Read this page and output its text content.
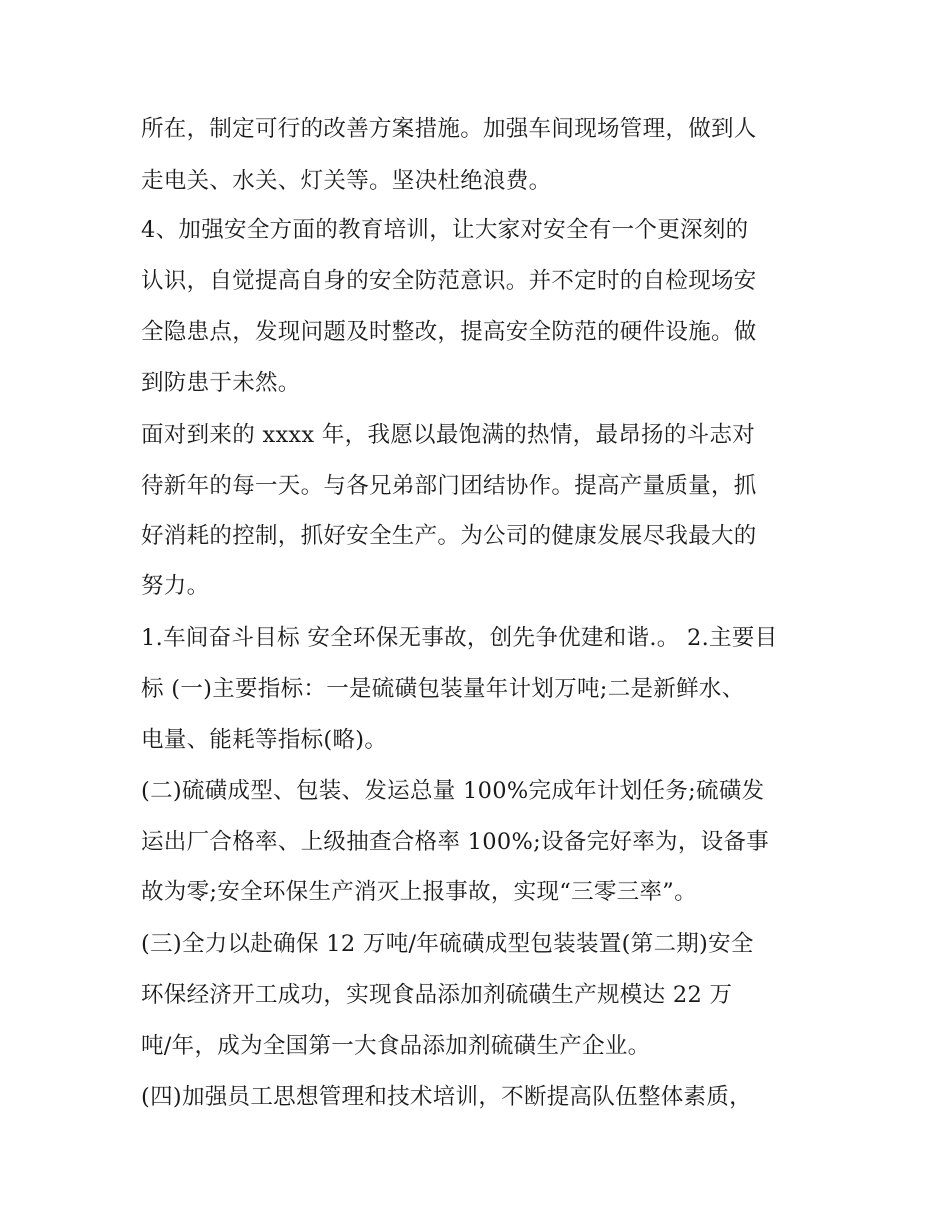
所在，制定可行的改善方案措施。加强车间现场管理，做到人
走电关、水关、灯关等。坚决杜绝浪费。
4、加强安全方面的教育培训，让大家对安全有一个更深刻的
认识，自觉提高自身的安全防范意识。并不定时的自检现场安
全隐患点，发现问题及时整改，提高安全防范的硬件设施。做
到防患于未然。
面对到来的 xxxx 年，我愿以最饱满的热情，最昂扬的斗志对
待新年的每一天。与各兄弟部门团结协作。提高产量质量，抓
好消耗的控制，抓好安全生产。为公司的健康发展尽我最大的
努力。
1.车间奋斗目标 安全环保无事故，创先争优建和谐.。 2.主要目
标 (一)主要指标：一是硫磺包装量年计划万吨;二是新鲜水、
电量、能耗等指标(略)。
(二)硫磺成型、包装、发运总量 100%完成年计划任务;硫磺发
运出厂合格率、上级抽查合格率 100%;设备完好率为，设备事
故为零;安全环保生产消灭上报事故，实现“三零三率”。
(三)全力以赴确保 12 万吨/年硫磺成型包装装置(第二期)安全
环保经济开工成功，实现食品添加剂硫磺生产规模达 22 万
吨/年，成为全国第一大食品添加剂硫磺生产企业。
(四)加强员工思想管理和技术培训，不断提高队伍整体素质，
